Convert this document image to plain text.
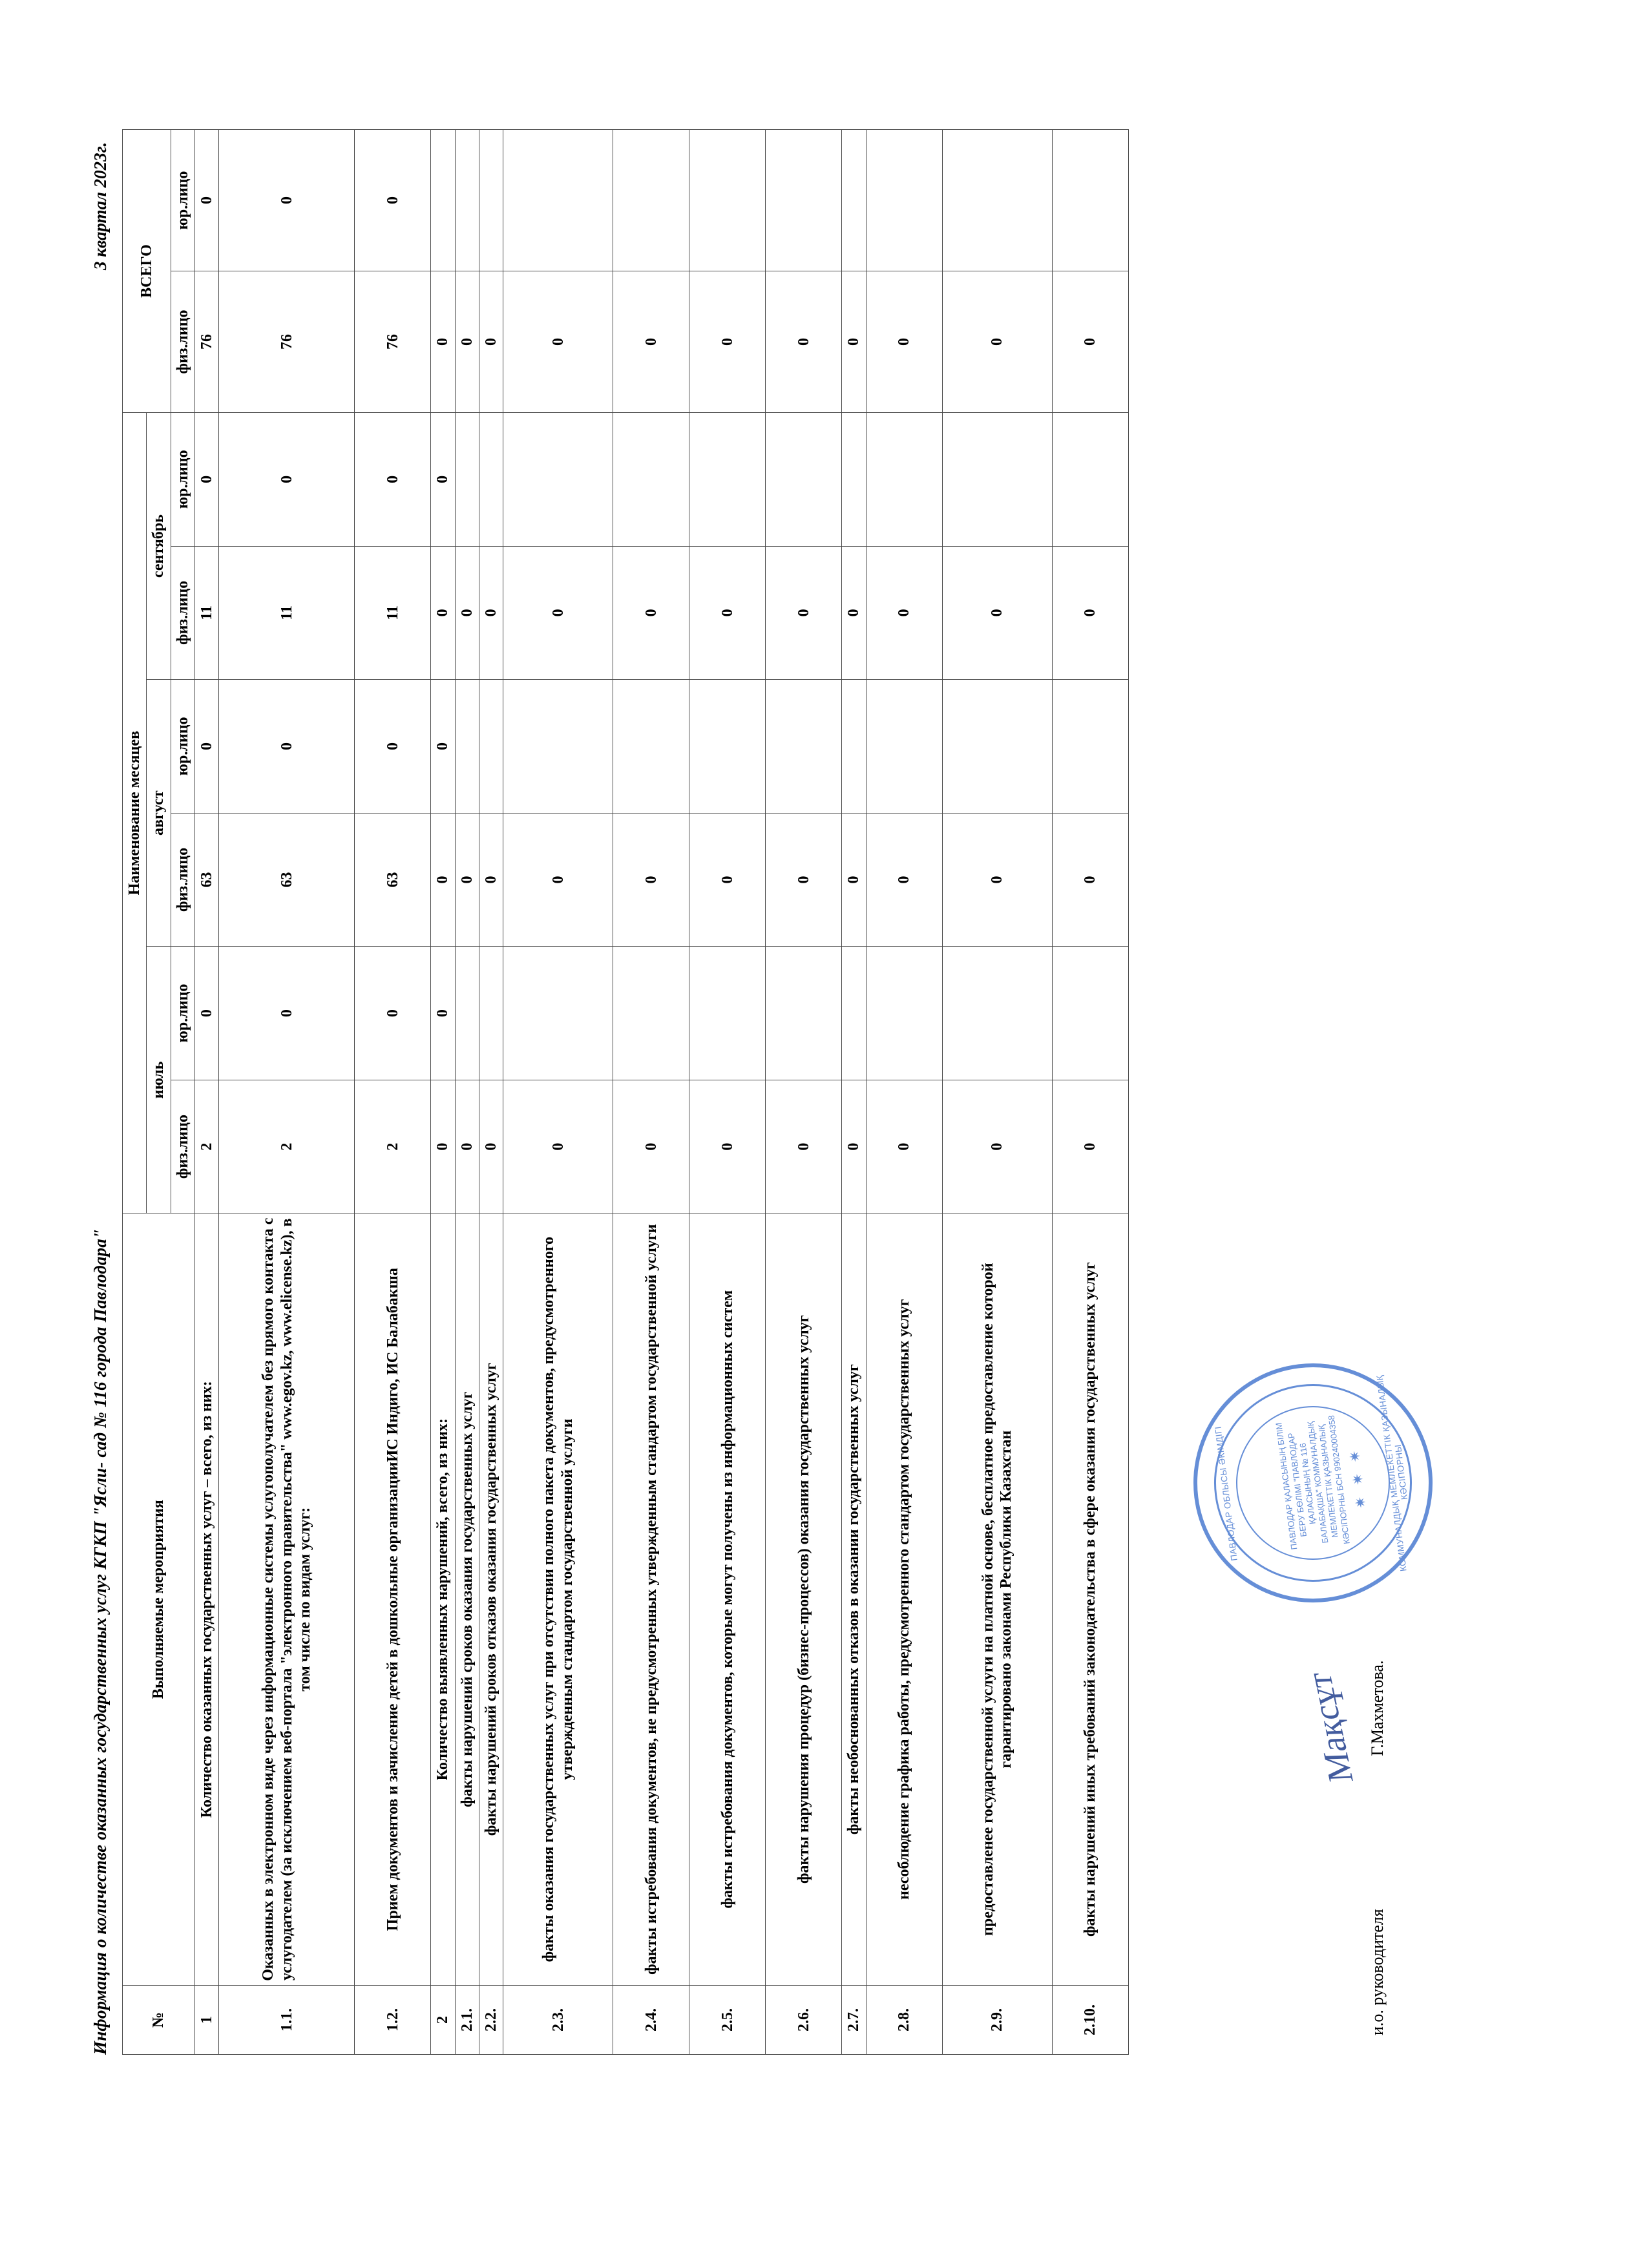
Информация о количестве оказанных государственных услуг КГКП "Ясли- сад № 116 города Павлодара"
3 квартал 2023г.
№	Выполняемые мероприятия	Наименование месяцев						ВСЕГО	
		июль		август		сентябрь			
		физ.лицо	юр.лицо	физ.лицо	юр.лицо	физ.лицо	юр.лицо	физ.лицо	юр.лицо
1	Количество оказанных государственных услуг – всего, из них:	2	0	63	0	11	0	76	0
1.1.	Оказанных в электронном виде через информационные системы услугополучателем без прямого контакта с услугодателем (за исключением веб-портала "электронного правительства" www.egov.kz, www.elicense.kz), в том числе по видам услуг:	2	0	63	0	11	0	76	0
1.2.	Прием документов и зачисление детей в дошкольные организацииИС Индиго, ИС Балабакша	2	0	63	0	11	0	76	0
2	Количество выявленных нарушений, всего, из них:	0	0	0	0	0	0	0	
2.1.	факты нарушений сроков оказания государственных услуг	0		0		0		0	
2.2.	факты нарушений сроков отказов оказания государственных услуг	0		0		0		0	
2.3.	факты оказания государственных услуг при отсутствии полного пакета документов, предусмотренного утвержденным стандартом государственной услуги	0		0		0		0	
2.4.	факты истребования документов, не предусмотренных утвержденным стандартом государственной услуги	0		0		0		0	
2.5.	факты истребования документов, которые могут получены из информационных систем	0		0		0		0	
2.6.	факты нарушения процедур (бизнес-процессов) оказания государственных услуг	0		0		0		0	
2.7.	факты необоснованных отказов в оказании государственных услуг	0		0		0		0	
2.8.	несоблюдение графика работы, предусмотренного стандартом государственных услуг	0		0		0		0	
2.9.	предоставленее государственной услуги на платной основе, бесплатное предоставление которой гарантировано законами Республики Казахстан	0		0		0		0	
2.10.	факты нарушений иных требований законодательства в сфере оказания государственных услуг	0		0		0		0	
ПАВЛОДАР ОБЛЫСЫ ӘКІМДІГІ	ПАВЛОДАР ҚАЛАСЫНЫҢ БІЛІМ БЕРУ БӨЛІМІ "ПАВЛОДАР ҚАЛАСЫНЫҢ № 116 БАЛАБАҚША" КОММУНАЛДЫҚ МЕМЛЕКЕТТІК ҚАЗЫНАЛЫҚ КӘСІПОРНЫ БСН 990240004358
✷ ✷ ✷ КОММУНАЛДЫҚ МЕМЛЕКЕТТІК ҚАЗЫНАЛЫҚ КӘСІПОРНЫ
Мақсұт
и.о. руководителя Г.Махметова.
